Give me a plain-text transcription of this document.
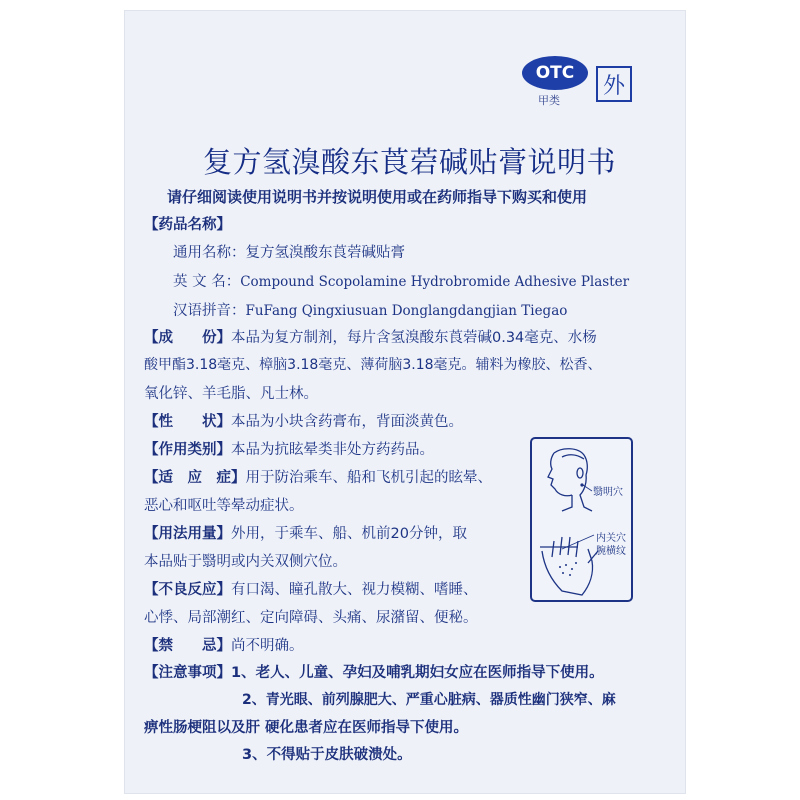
OTC
外
甲类
复方氢溴酸东莨菪碱贴膏说明书
请仔细阅读使用说明书并按说明使用或在药师指导下购买和使用
【药品名称】
通用名称：复方氢溴酸东莨菪碱贴膏
英 文 名：Compound Scopolamine Hydrobromide Adhesive Plaster
汉语拼音：FuFang Qingxiusuan Donglangdangjian Tiegao
【成　　份】本品为复方制剂，每片含氢溴酸东莨菪碱0.34毫克、水杨
酸甲酯3.18毫克、樟脑3.18毫克、薄荷脑3.18毫克。辅料为橡胶、松香、
氧化锌、羊毛脂、凡士林。
【性　　状】本品为小块含药膏布，背面淡黄色。
【作用类别】本品为抗眩晕类非处方药药品。
【适　应　症】用于防治乘车、船和飞机引起的眩晕、
恶心和呕吐等晕动症状。
【用法用量】外用，于乘车、船、机前20分钟，取
本品贴于翳明或内关双侧穴位。
【不良反应】有口渴、瞳孔散大、视力模糊、嗜睡、
心悸、局部潮红、定向障碍、头痛、尿潴留、便秘。
【禁　　忌】尚不明确。
【注意事项】1、老人、儿童、孕妇及哺乳期妇女应在医师指导下使用。
2、青光眼、前列腺肥大、严重心脏病、器质性幽门狭窄、麻
痹性肠梗阻以及肝 硬化患者应在医师指导下使用。
3、不得贴于皮肤破溃处。
翳明穴
内关穴
腕横纹
